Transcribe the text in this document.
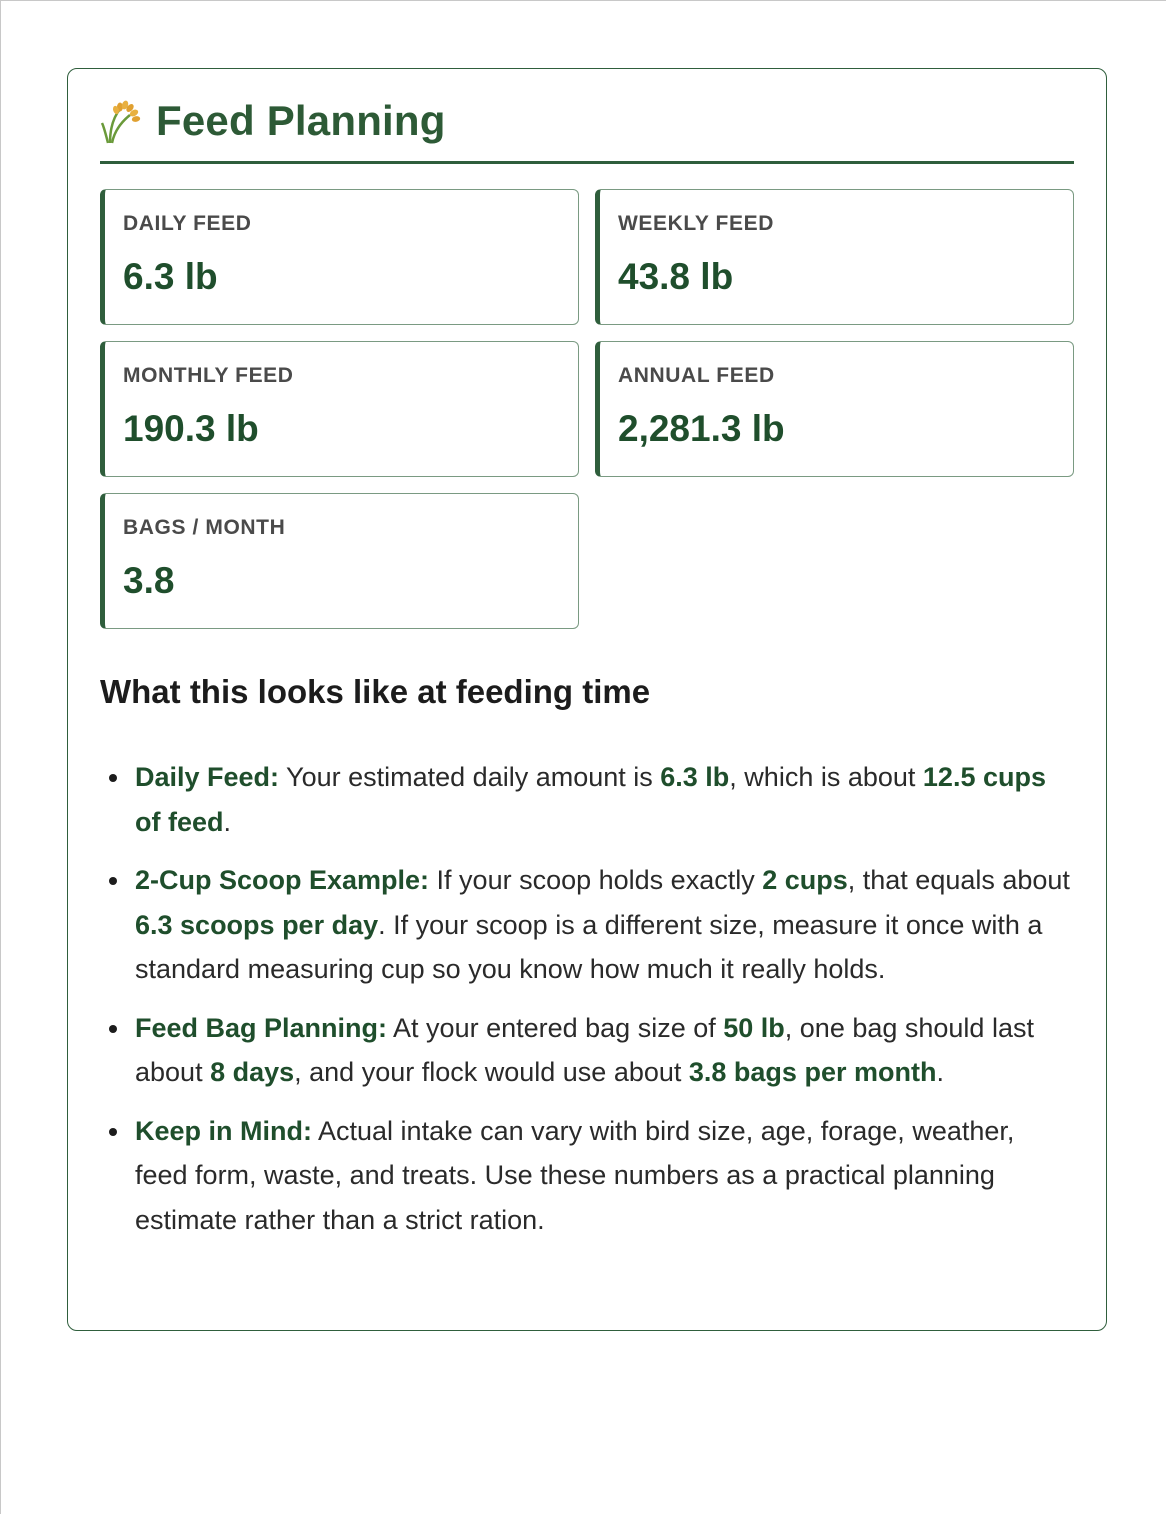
Feed Planning
DAILY FEED
6.3 lb
WEEKLY FEED
43.8 lb
MONTHLY FEED
190.3 lb
ANNUAL FEED
2,281.3 lb
BAGS / MONTH
3.8
What this looks like at feeding time
Daily Feed: Your estimated daily amount is 6.3 lb, which is about 12.5 cups of feed.
2-Cup Scoop Example: If your scoop holds exactly 2 cups, that equals about 6.3 scoops per day. If your scoop is a different size, measure it once with a standard measuring cup so you know how much it really holds.
Feed Bag Planning: At your entered bag size of 50 lb, one bag should last about 8 days, and your flock would use about 3.8 bags per month.
Keep in Mind: Actual intake can vary with bird size, age, forage, weather, feed form, waste, and treats. Use these numbers as a practical planning estimate rather than a strict ration.
